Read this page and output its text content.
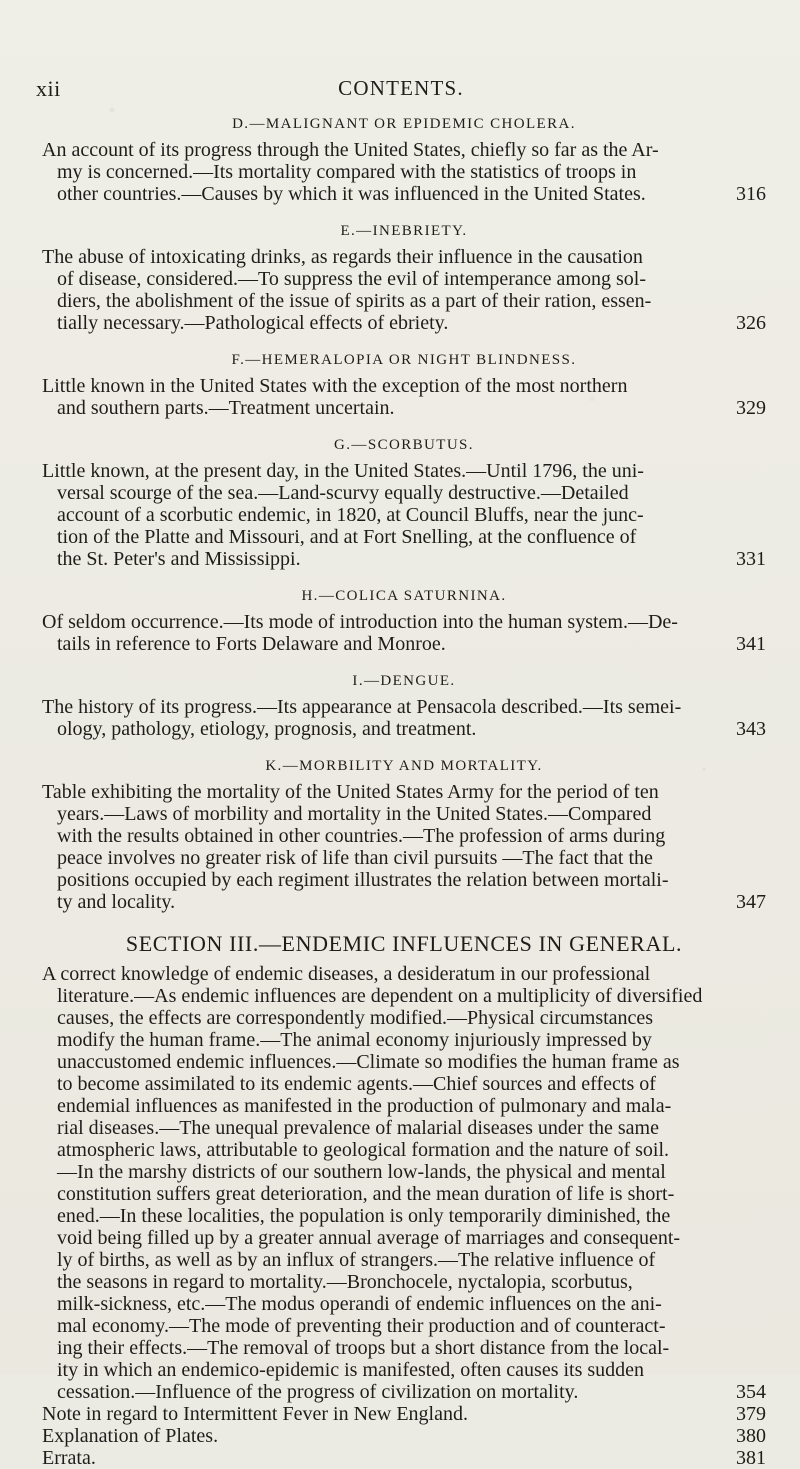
xii	CONTENTS.
D.—MALIGNANT OR EPIDEMIC CHOLERA.
An account of its progress through the United States, chiefly so far as the Ar-
my is concerned.—Its mortality compared with the statistics of troops in
other countries.—Causes by which it was influenced in the United States.	316
E.—INEBRIETY.
The abuse of intoxicating drinks, as regards their influence in the causation
of disease, considered.—To suppress the evil of intemperance among sol-
diers, the abolishment of the issue of spirits as a part of their ration, essen-
tially necessary.—Pathological effects of ebriety.	326
F.—HEMERALOPIA OR NIGHT BLINDNESS.
Little known in the United States with the exception of the most northern
and southern parts.—Treatment uncertain.	329
G.—SCORBUTUS.
Little known, at the present day, in the United States.—Until 1796, the uni-
versal scourge of the sea.—Land-scurvy equally destructive.—Detailed
account of a scorbutic endemic, in 1820, at Council Bluffs, near the junc-
tion of the Platte and Missouri, and at Fort Snelling, at the confluence of
the St. Peter's and Mississippi.	331
H.—COLICA SATURNINA.
Of seldom occurrence.—Its mode of introduction into the human system.—De-
tails in reference to Forts Delaware and Monroe.	341
I.—DENGUE.
The history of its progress.—Its appearance at Pensacola described.—Its semei-
ology, pathology, etiology, prognosis, and treatment.	343
K.—MORBILITY AND MORTALITY.
Table exhibiting the mortality of the United States Army for the period of ten
years.—Laws of morbility and mortality in the United States.—Compared
with the results obtained in other countries.—The profession of arms during
peace involves no greater risk of life than civil pursuits —The fact that the
positions occupied by each regiment illustrates the relation between mortali-
ty and locality.	347
SECTION III.—ENDEMIC INFLUENCES IN GENERAL.
A correct knowledge of endemic diseases, a desideratum in our professional
literature.—As endemic influences are dependent on a multiplicity of diversified
causes, the effects are correspondently modified.—Physical circumstances
modify the human frame.—The animal economy injuriously impressed by
unaccustomed endemic influences.—Climate so modifies the human frame as
to become assimilated to its endemic agents.—Chief sources and effects of
endemial influences as manifested in the production of pulmonary and mala-
rial diseases.—The unequal prevalence of malarial diseases under the same
atmospheric laws, attributable to geological formation and the nature of soil.
—In the marshy districts of our southern low-lands, the physical and mental
constitution suffers great deterioration, and the mean duration of life is short-
ened.—In these localities, the population is only temporarily diminished, the
void being filled up by a greater annual average of marriages and consequent-
ly of births, as well as by an influx of strangers.—The relative influence of
the seasons in regard to mortality.—Bronchocele, nyctalopia, scorbutus,
milk-sickness, etc.—The modus operandi of endemic influences on the ani-
mal economy.—The mode of preventing their production and of counteract-
ing their effects.—The removal of troops but a short distance from the local-
ity in which an endemico-epidemic is manifested, often causes its sudden
cessation.—Influence of the progress of civilization on mortality.	354
Note in regard to Intermittent Fever in New England.	379
Explanation of Plates.	380
Errata.	381
